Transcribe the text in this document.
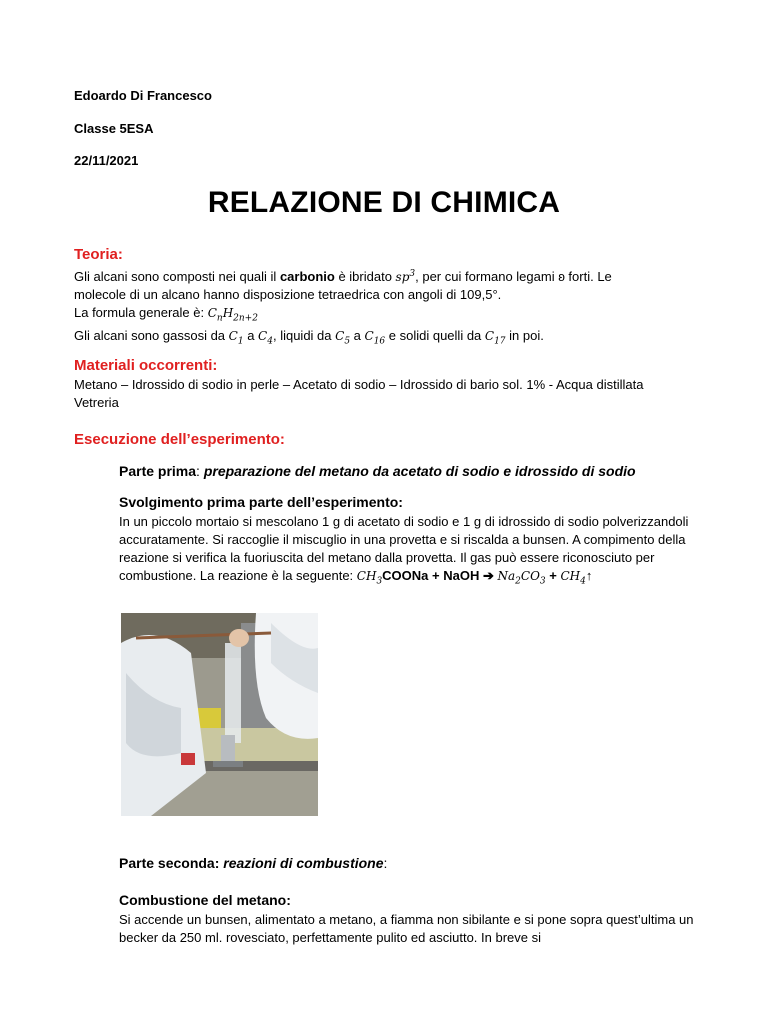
Edoardo Di Francesco
Classe 5ESA
22/11/2021
RELAZIONE DI CHIMICA
Teoria:
Gli alcani sono composti nei quali il carbonio è ibridato $sp^3$, per cui formano legami ʚ forti. Le
molecole di un alcano hanno disposizione tetraedrica con angoli di 109,5°.
La formula generale è: $C_nH_{2n+2}$
Gli alcani sono gassosi da $C_1$ a $C_4$, liquidi da $C_5$ a $C_{16}$ e solidi quelli da $C_{17}$ in poi.
Materiali occorrenti:
Metano – Idrossido di sodio in perle – Acetato di sodio – Idrossido di bario sol. 1% - Acqua distillata Vetreria
Esecuzione dell’esperimento:
Parte prima: preparazione del metano da acetato di sodio e idrossido di sodio
Svolgimento prima parte dell’esperimento:
In un piccolo mortaio si mescolano 1 g di acetato di sodio e 1 g di idrossido di sodio polverizzandoli accuratamente. Si raccoglie il miscuglio in una provetta e si riscalda a bunsen. A compimento della reazione si verifica la fuoriuscita del metano dalla provetta. Il gas può essere riconosciuto per combustione. La reazione è la seguente: $CH_3COONa$ + NaOH ➔ $Na_2CO_3$ + $CH_4↑$
Parte seconda: reazioni di combustione:
Combustione del metano:
Si accende un bunsen, alimentato a metano, a fiamma non sibilante e si pone sopra quest’ultima un becker da 250 ml. rovesciato, perfettamente pulito ed asciutto. In breve si
